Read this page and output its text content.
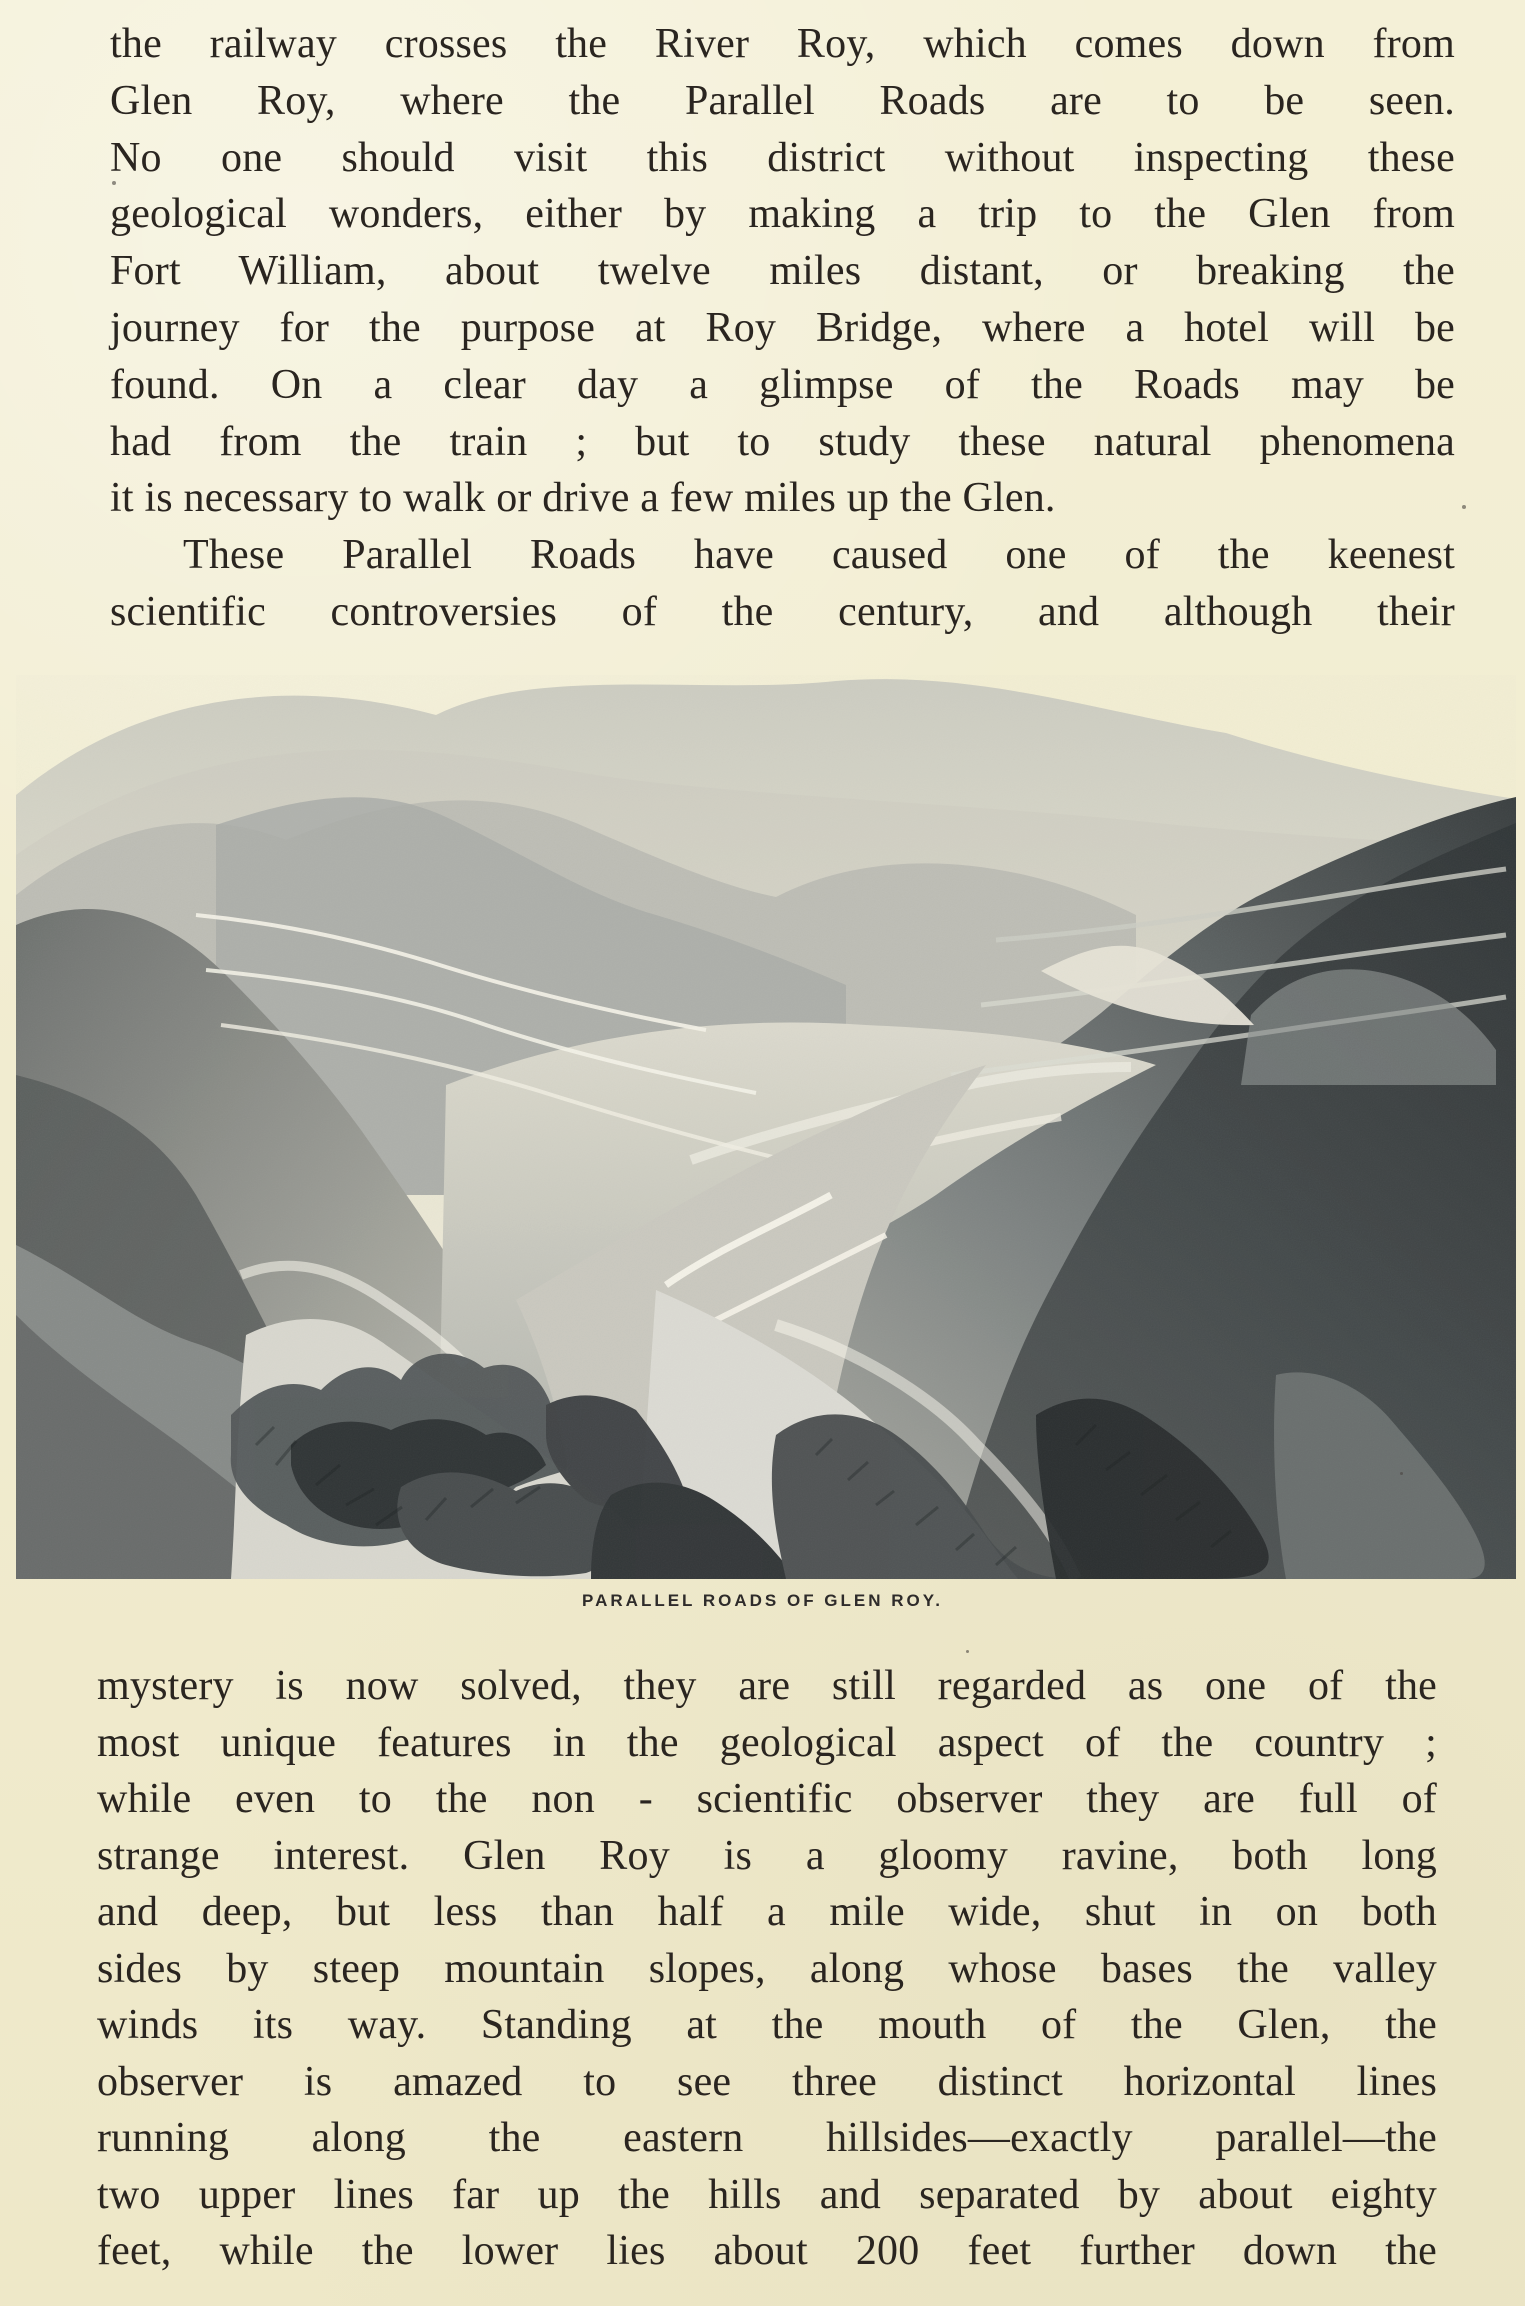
the railway crosses the River Roy, which comes down from
Glen Roy, where the Parallel Roads are to be seen.
No one should visit this district without inspecting these
geological wonders, either by making a trip to the Glen from
Fort William, about twelve miles distant, or breaking the
journey for the purpose at Roy Bridge, where a hotel will be
found. On a clear day a glimpse of the Roads may be
had from the train ; but to study these natural phenomena
it is necessary to walk or drive a few miles up the Glen.
These Parallel Roads have caused one of the keenest
scientific controversies of the century, and although their
PARALLEL ROADS OF GLEN ROY.
mystery is now solved, they are still regarded as one of the
most unique features in the geological aspect of the country ;
while even to the non - scientific observer they are full of
strange interest. Glen Roy is a gloomy ravine, both long
and deep, but less than half a mile wide, shut in on both
sides by steep mountain slopes, along whose bases the valley
winds its way. Standing at the mouth of the Glen, the
observer is amazed to see three distinct horizontal lines
running along the eastern hillsides—exactly parallel—the
two upper lines far up the hills and separated by about eighty
feet, while the lower lies about 200 feet further down the
